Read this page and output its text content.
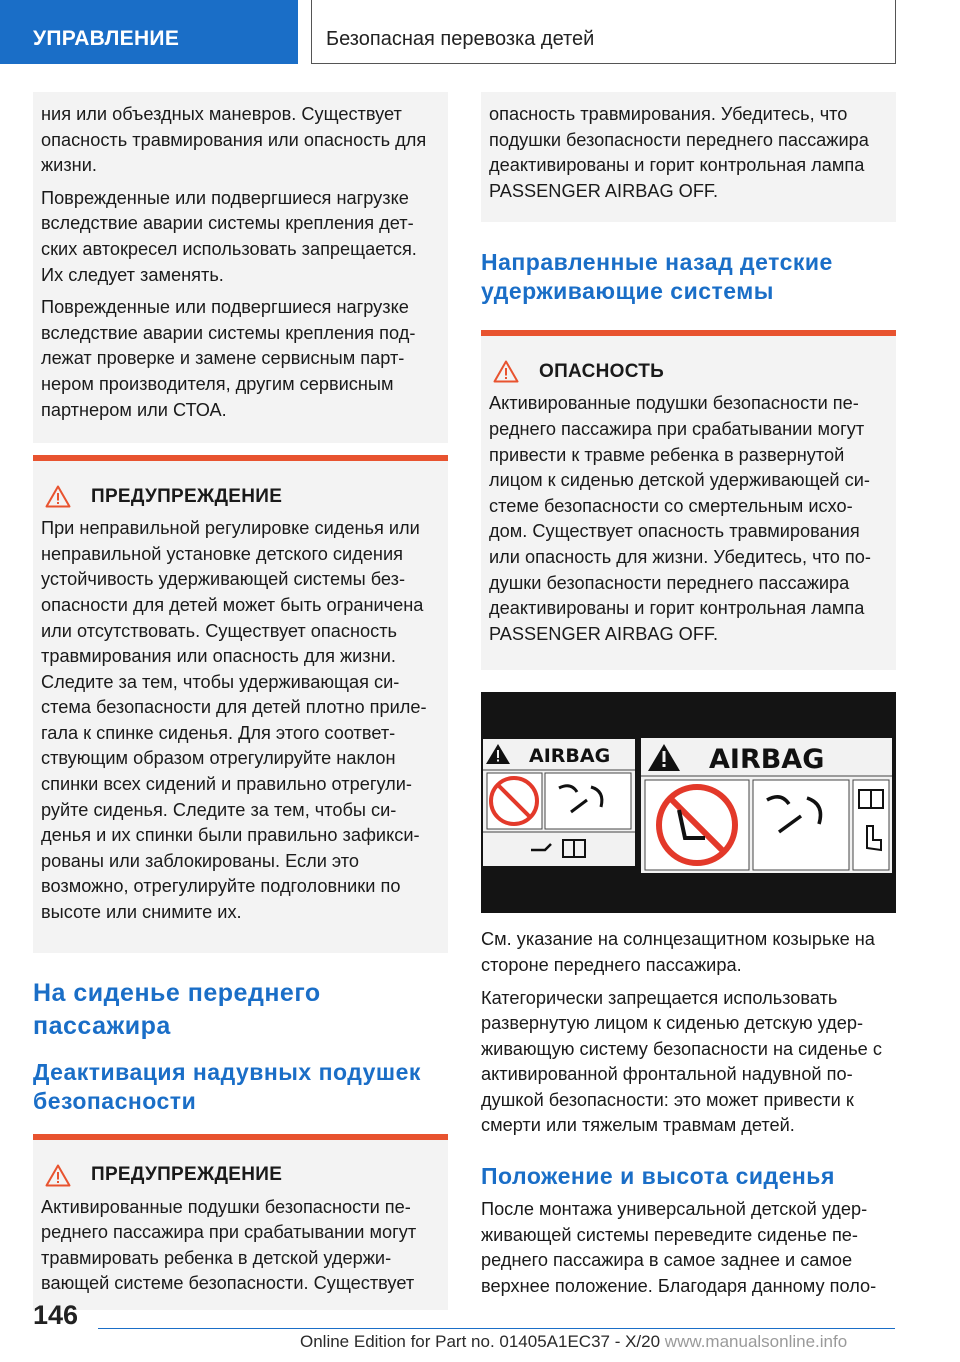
УПРАВЛЕНИЕ	Безопасная перевозка детей

ния или объездных маневров. Существует опасность травмирования или опасность для жизни.

Поврежденные или подвергшиеся нагрузке вследствие аварии системы крепления дет-ских автокресел использовать запрещается. Их следует заменять.

Поврежденные или подвергшиеся нагрузке вследствие аварии системы крепления под-лежат проверке и замене сервисным парт-нером производителя, другим сервисным партнером или СТОА.

ПРЕДУПРЕЖДЕНИЕ

При неправильной регулировке сиденья или неправильной установке детского сидения устойчивость удерживающей системы без-опасности для детей может быть ограничена или отсутствовать. Существует опасность травмирования или опасность для жизни. Следите за тем, чтобы удерживающая си-стема безопасности для детей плотно приле-гала к спинке сиденья. Для этого соответ-ствующим образом отрегулируйте наклон спинки всех сидений и правильно отрегули-руйте сиденья. Следите за тем, чтобы си-денья и их спинки были правильно зафикси-рованы или заблокированы. Если это возможно, отрегулируйте подголовники по высоте или снимите их.

На сиденье переднего пассажира
Деактивация надувных подушек безопасности
ПРЕДУПРЕЖДЕНИЕ

Активированные подушки безопасности пе-реднего пассажира при срабатывании могут травмировать ребенка в детской удержи-вающей системе безопасности. Существует

опасность травмирования. Убедитесь, что подушки безопасности переднего пассажира деактивированы и горит контрольная лампа PASSENGER AIRBAG OFF.

Направленные назад детские удерживающие системы
ОПАСНОСТЬ

Активированные подушки безопасности пе-реднего пассажира при срабатывании могут привести к травме ребенка в развернутой лицом к сиденью детской удерживающей си-стеме безопасности со смертельным исхо-дом. Существует опасность травмирования или опасность для жизни. Убедитесь, что по-душки безопасности переднего пассажира деактивированы и горит контрольная лампа PASSENGER AIRBAG OFF.

AIRBAG	AIRBAG

См. указание на солнцезащитном козырьке на стороне переднего пассажира.

Категорически запрещается использовать развернутую лицом к сиденью детскую удер-живающую систему безопасности на сиденье с активированной фронтальной надувной по-душкой безопасности: это может привести к смерти или тяжелым травмам детей.

Положение и высота сиденья

После монтажа универсальной детской удер-живающей системы переведите сиденье пе-реднего пассажира в самое заднее и самое верхнее положение. Благодаря данному поло-

146
Online Edition for Part no. 01405A1EC37 - X/20 www.manualsonline.info
